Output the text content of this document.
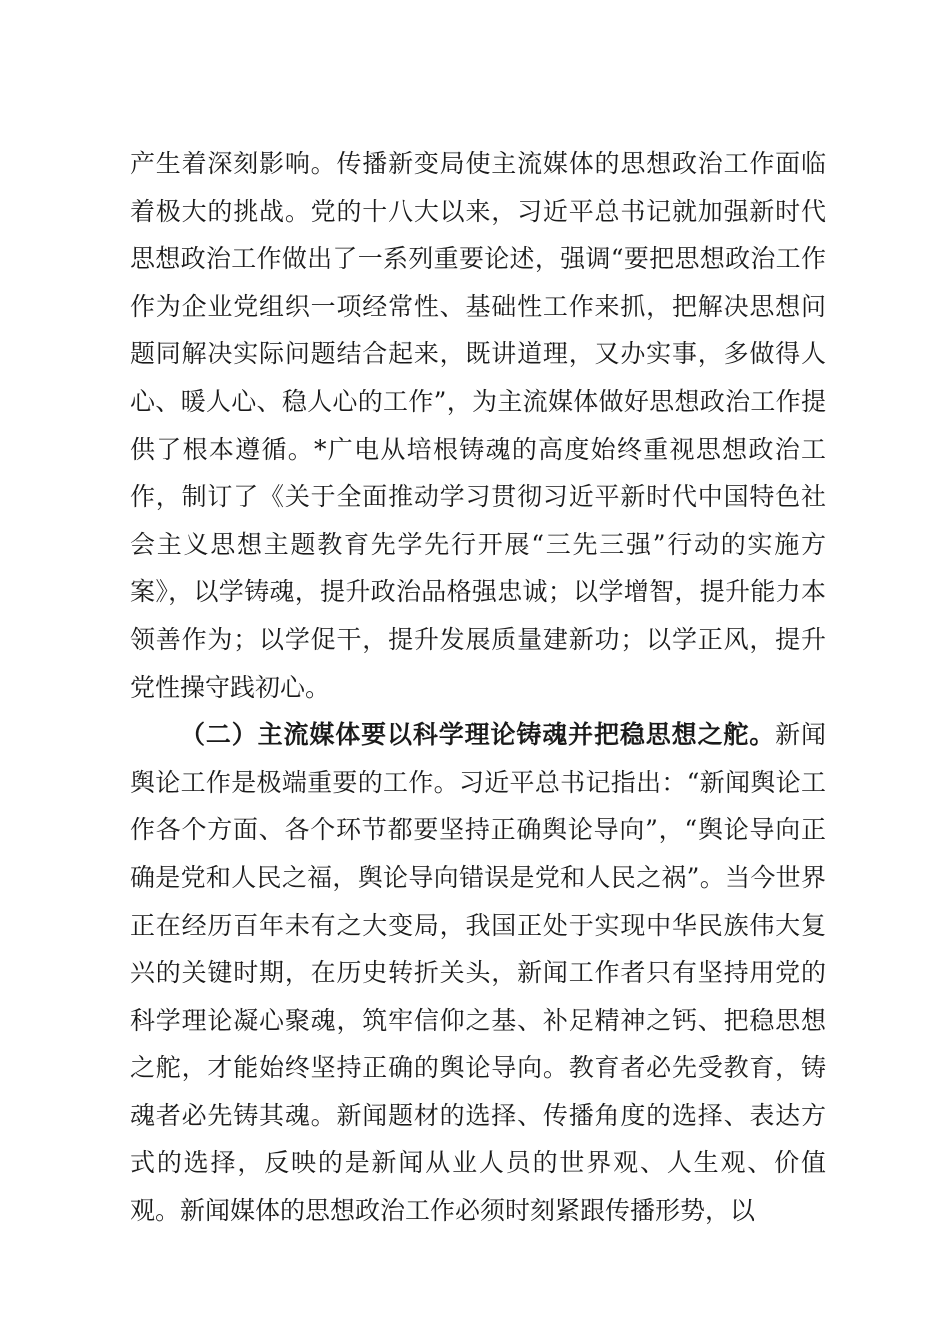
产生着深刻影响。传播新变局使主流媒体的思想政治工作面临着极大的挑战。党的十八大以来，习近平总书记就加强新时代思想政治工作做出了一系列重要论述，强调“要把思想政治工作作为企业党组织一项经常性、基础性工作来抓，把解决思想问题同解决实际问题结合起来，既讲道理，又办实事，多做得人心、暖人心、稳人心的工作”，为主流媒体做好思想政治工作提供了根本遵循。*广电从培根铸魂的高度始终重视思想政治工作，制订了《关于全面推动学习贯彻习近平新时代中国特色社会主义思想主题教育先学先行开展“三先三强”行动的实施方案》，以学铸魂，提升政治品格强忠诚；以学增智，提升能力本领善作为；以学促干，提升发展质量建新功；以学正风，提升党性操守践初心。

（二）主流媒体要以科学理论铸魂并把稳思想之舵。新闻舆论工作是极端重要的工作。习近平总书记指出：“新闻舆论工作各个方面、各个环节都要坚持正确舆论导向”，“舆论导向正确是党和人民之福，舆论导向错误是党和人民之祸”。当今世界正在经历百年未有之大变局，我国正处于实现中华民族伟大复兴的关键时期，在历史转折关头，新闻工作者只有坚持用党的科学理论凝心聚魂，筑牢信仰之基、补足精神之钙、把稳思想之舵，才能始终坚持正确的舆论导向。教育者必先受教育，铸魂者必先铸其魂。新闻题材的选择、传播角度的选择、表达方式的选择，反映的是新闻从业人员的世界观、人生观、价值观。新闻媒体的思想政治工作必须时刻紧跟传播形势，以
